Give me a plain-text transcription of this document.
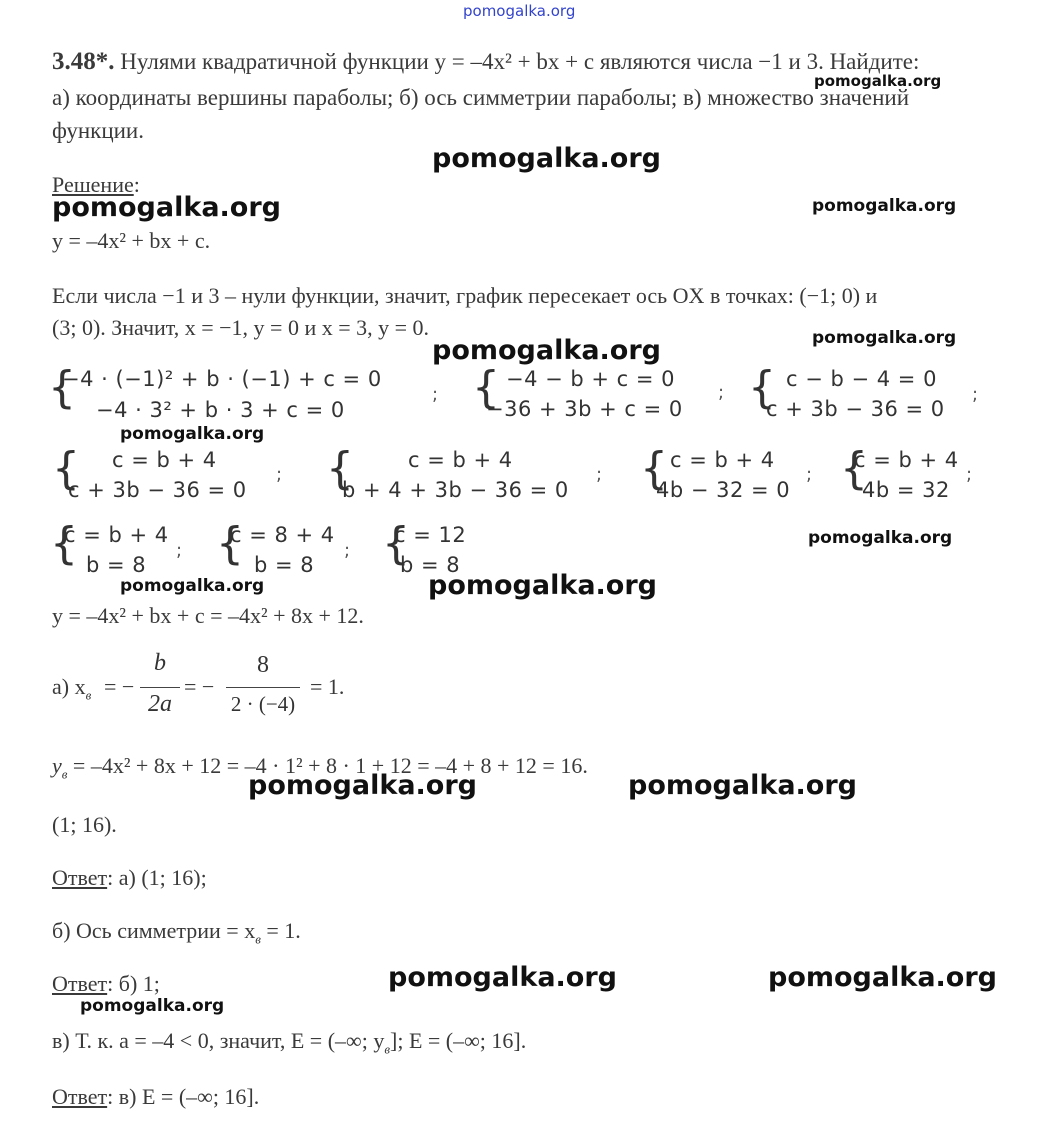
pomogalka.org
3.48*. Нулями квадратичной функции y = –4x² + bx + c являются числа −1 и 3. Найдите:
а) координаты вершины параболы; б) ось симметрии параболы; в) множество значений
функции.
Решение:
y = –4x² + bx + c.
Если числа −1 и 3 – нули функции, значит, график пересекает ось OX в точках: (−1; 0) и
(3; 0). Значит, x = −1, y = 0 и x = 3, y = 0.
{
−4 · (−1)² + b · (−1) + c = 0
−4 · 3² + b · 3 + c = 0
; { −4 − b + c = 0
−36 + 3b + c = 0
; { c − b − 4 = 0
c + 3b − 36 = 0
;
{ c = b + 4
c + 3b − 36 = 0
; {	c = b + 4
b + 4 + 3b − 36 = 0
; { c = b + 4
4b − 32 = 0
; {
c = b + 4
4b = 32
;
{
c = b + 4
b = 8
; {
c = 8 + 4
b = 8
; {
c = 12
b = 8
y = –4x² + bx + c = –4x² + 8x + 12.
а) $x_в$ = −
b
2a
= −
8
2 · (−4)
= 1.
$y_в = -4x^2 + 8x + 12 = -4 \cdot 1^2 + 8 \cdot 1 + 12 = -4 + 8 + 12 = 16$.
(1; 16).
Ответ: а) (1; 16);
б) Ось симметрии = $x_в = 1$.
Ответ: б) 1;
в) Т. к. a = –4 < 0, значит, E = (–∞; $y_в$]; E = (–∞; 16].
Ответ: в) E = (–∞; 16].
pomogalka.org
pomogalka.org
pomogalka.org	pomogalka.org
pomogalka.org	pomogalka.org
pomogalka.org
pomogalka.org
pomogalka.org	pomogalka.org
pomogalka.org	pomogalka.org
pomogalka.org	pomogalka.org
pomogalka.org
